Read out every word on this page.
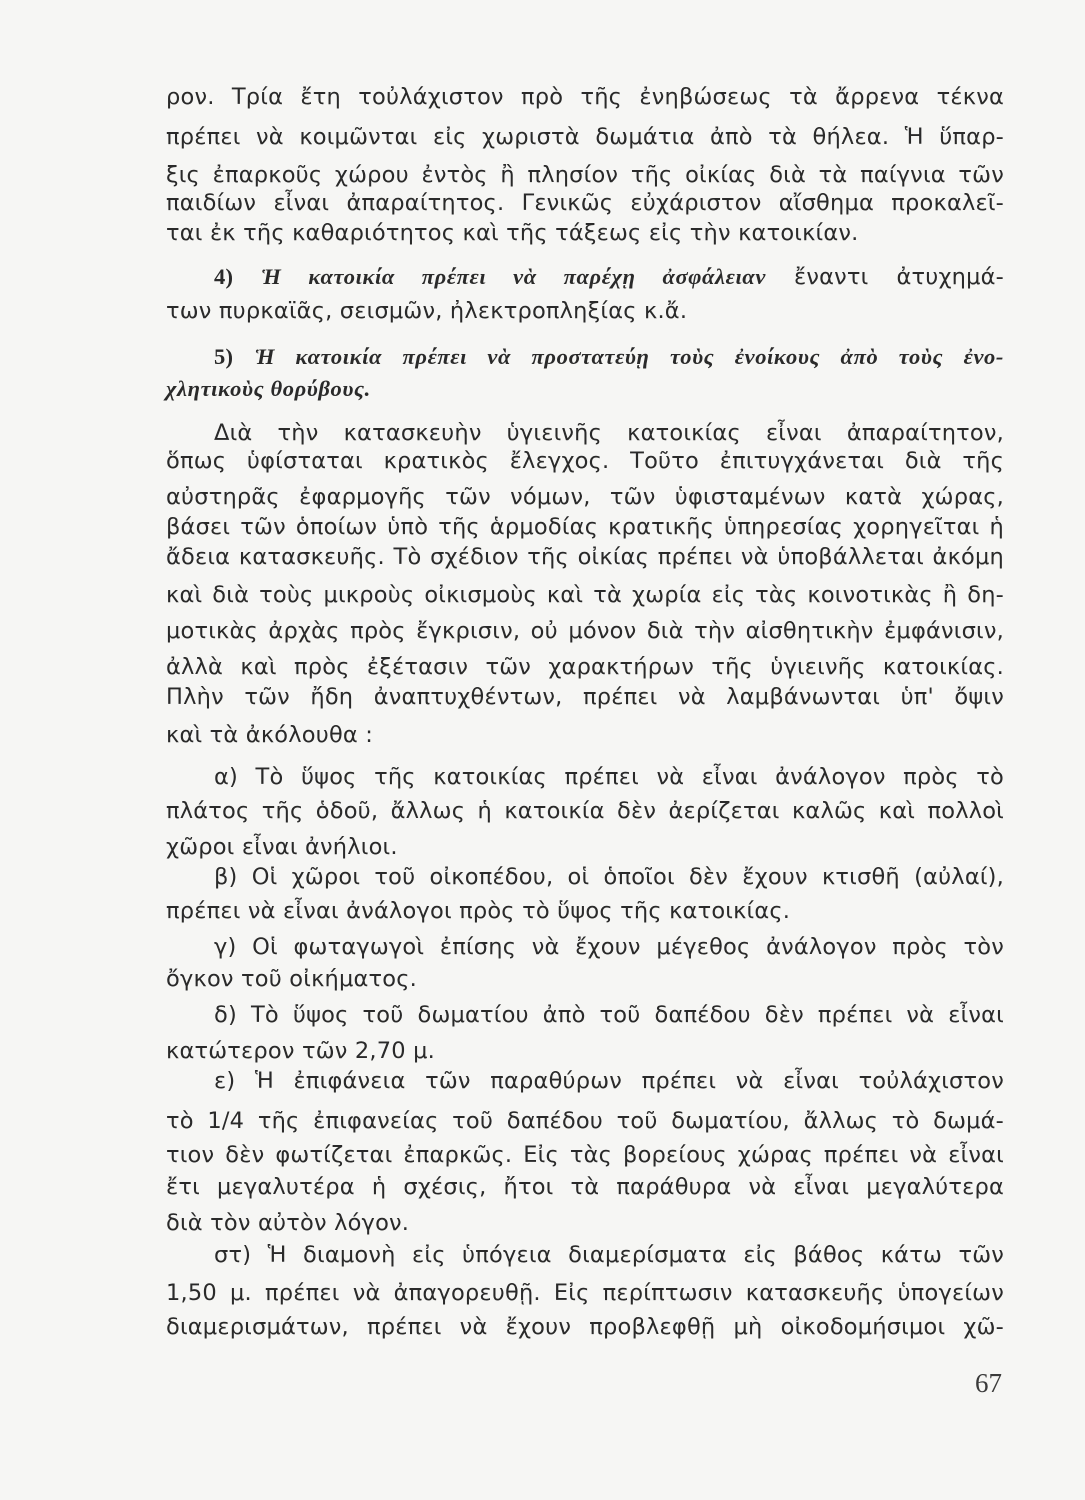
ρον. Τρία ἔτη τοὐλάχιστον πρὸ τῆς ἐνηβώσεως τὰ ἄρρενα τέκνα
πρέπει νὰ κοιμῶνται εἰς χωριστὰ δωμάτια ἀπὸ τὰ θήλεα. Ἡ ὕπαρ-
ξις ἐπαρκοῦς χώρου ἐντὸς ἢ πλησίον τῆς οἰκίας διὰ τὰ παίγνια τῶν
παιδίων εἶναι ἀπαραίτητος. Γενικῶς εὐχάριστον αἴσθημα προκαλεῖ-
ται ἐκ τῆς καθαριότητος καὶ τῆς τάξεως εἰς τὴν κατοικίαν.
4) Ἡ κατοικία πρέπει νὰ παρέχῃ ἀσφάλειαν ἔναντι ἀτυχημά-
των πυρκαϊᾶς, σεισμῶν, ἠλεκτροπληξίας κ.ἄ.
5) Ἡ κατοικία πρέπει νὰ προστατεύῃ τοὺς ἐνοίκους ἀπὸ τοὺς ἐνο-
χλητικοὺς θορύβους.
Διὰ τὴν κατασκευὴν ὑγιεινῆς κατοικίας εἶναι ἀπαραίτητον,
ὅπως ὑφίσταται κρατικὸς ἔλεγχος. Τοῦτο ἐπιτυγχάνεται διὰ τῆς
αὐστηρᾶς ἐφαρμογῆς τῶν νόμων, τῶν ὑφισταμένων κατὰ χώρας,
βάσει τῶν ὁποίων ὑπὸ τῆς ἁρμοδίας κρατικῆς ὑπηρεσίας χορηγεῖται ἡ
ἄδεια κατασκευῆς. Τὸ σχέδιον τῆς οἰκίας πρέπει νὰ ὑποβάλλεται ἀκόμη
καὶ διὰ τοὺς μικροὺς οἰκισμοὺς καὶ τὰ χωρία εἰς τὰς κοινοτικὰς ἢ δη-
μοτικὰς ἀρχὰς πρὸς ἔγκρισιν, οὐ μόνον διὰ τὴν αἰσθητικὴν ἐμφάνισιν,
ἀλλὰ καὶ πρὸς ἐξέτασιν τῶν χαρακτήρων τῆς ὑγιεινῆς κατοικίας.
Πλὴν τῶν ἤδη ἀναπτυχθέντων, πρέπει νὰ λαμβάνωνται ὑπ' ὄψιν
καὶ τὰ ἀκόλουθα :
α) Τὸ ὕψος τῆς κατοικίας πρέπει νὰ εἶναι ἀνάλογον πρὸς τὸ
πλάτος τῆς ὁδοῦ, ἄλλως ἡ κατοικία δὲν ἀερίζεται καλῶς καὶ πολλοὶ
χῶροι εἶναι ἀνήλιοι.
β) Οἱ χῶροι τοῦ οἰκοπέδου, οἱ ὁποῖοι δὲν ἔχουν κτισθῆ (αὐλαί),
πρέπει νὰ εἶναι ἀνάλογοι πρὸς τὸ ὕψος τῆς κατοικίας.
γ) Οἱ φωταγωγοὶ ἐπίσης νὰ ἔχουν μέγεθος ἀνάλογον πρὸς τὸν
ὄγκον τοῦ οἰκήματος.
δ) Τὸ ὕψος τοῦ δωματίου ἀπὸ τοῦ δαπέδου δὲν πρέπει νὰ εἶναι
κατώτερον τῶν 2,70 μ.
ε) Ἡ ἐπιφάνεια τῶν παραθύρων πρέπει νὰ εἶναι τοὐλάχιστον
τὸ 1/4 τῆς ἐπιφανείας τοῦ δαπέδου τοῦ δωματίου, ἄλλως τὸ δωμά-
τιον δὲν φωτίζεται ἐπαρκῶς. Εἰς τὰς βορείους χώρας πρέπει νὰ εἶναι
ἔτι μεγαλυτέρα ἡ σχέσις, ἤτοι τὰ παράθυρα νὰ εἶναι μεγαλύτερα
διὰ τὸν αὐτὸν λόγον.
στ) Ἡ διαμονὴ εἰς ὑπόγεια διαμερίσματα εἰς βάθος κάτω τῶν
1,50 μ. πρέπει νὰ ἀπαγορευθῇ. Εἰς περίπτωσιν κατασκευῆς ὑπογείων
διαμερισμάτων, πρέπει νὰ ἔχουν προβλεφθῇ μὴ οἰκοδομήσιμοι χῶ-
67
